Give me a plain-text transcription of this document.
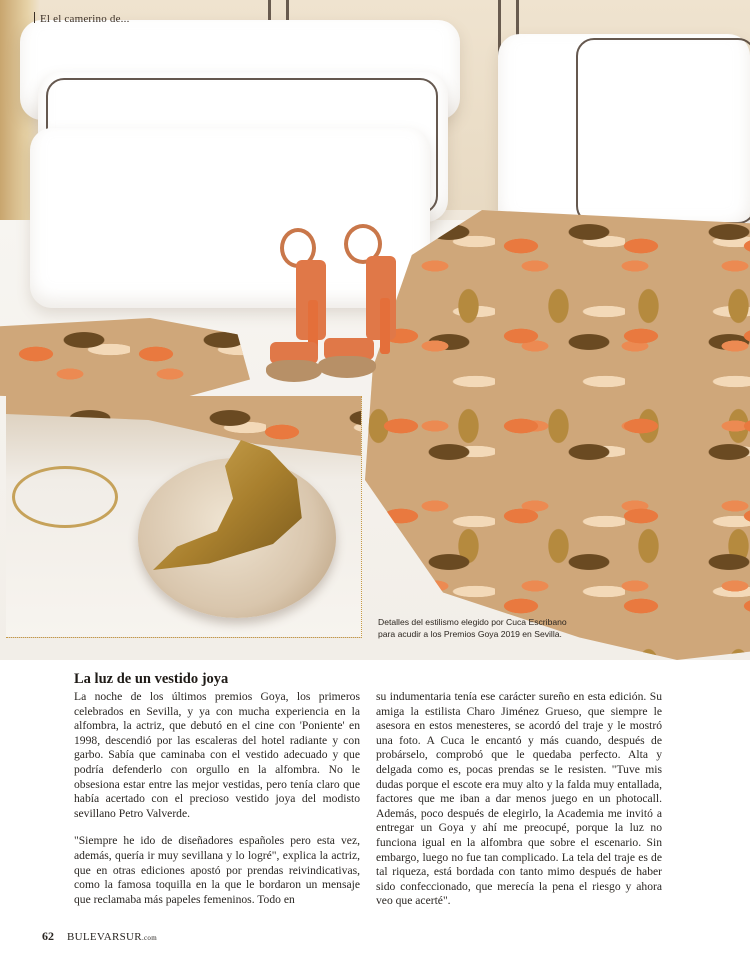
El el camerino de...
Detalles del estilismo elegido por Cuca Escribano
para acudir a los Premios Goya 2019 en Sevilla.
La luz de un vestido joya

La noche de los últimos premios Goya, los primeros celebrados en Sevilla, y ya con mucha experiencia en la alfombra, la actriz, que debutó en el cine con 'Poniente' en 1998, descendió por las escaleras del hotel radiante y con garbo. Sabía que caminaba con el vestido adecuado y que podría defenderlo con orgullo en la alfombra. No le obsesiona estar entre las mejor vestidas, pero tenía claro que había acertado con el precioso vestido joya del modisto sevillano Petro Valverde.

"Siempre he ido de diseñadores españoles pero esta vez, además, quería ir muy sevillana y lo logré", explica la actriz, que en otras ediciones apostó por prendas reivindicativas, como la famosa toquilla en la que le bordaron un mensaje que reclamaba más papeles femeninos. Todo en

su indumentaria tenía ese carácter sureño en esta edición. Su amiga la estilista Charo Jiménez Grueso, que siempre le asesora en estos menesteres, se acordó del traje y le mostró una foto. A Cuca le encantó y más cuando, después de probárselo, comprobó que le quedaba perfecto. Alta y delgada como es, pocas prendas se le resisten. "Tuve mis dudas porque el escote era muy alto y la falda muy entallada, factores que me iban a dar menos juego en un photocall. Además, poco después de elegirlo, la Academia me invitó a entregar un Goya y ahí me preocupé, porque la luz no funciona igual en la alfombra que sobre el escenario. Sin embargo, luego no fue tan complicado. La tela del traje es de tal riqueza, está bordada con tanto mimo después de haber sido confeccionado, que merecía la pena el riesgo y ahora veo que acerté".

62 BULEVARSUR.com
